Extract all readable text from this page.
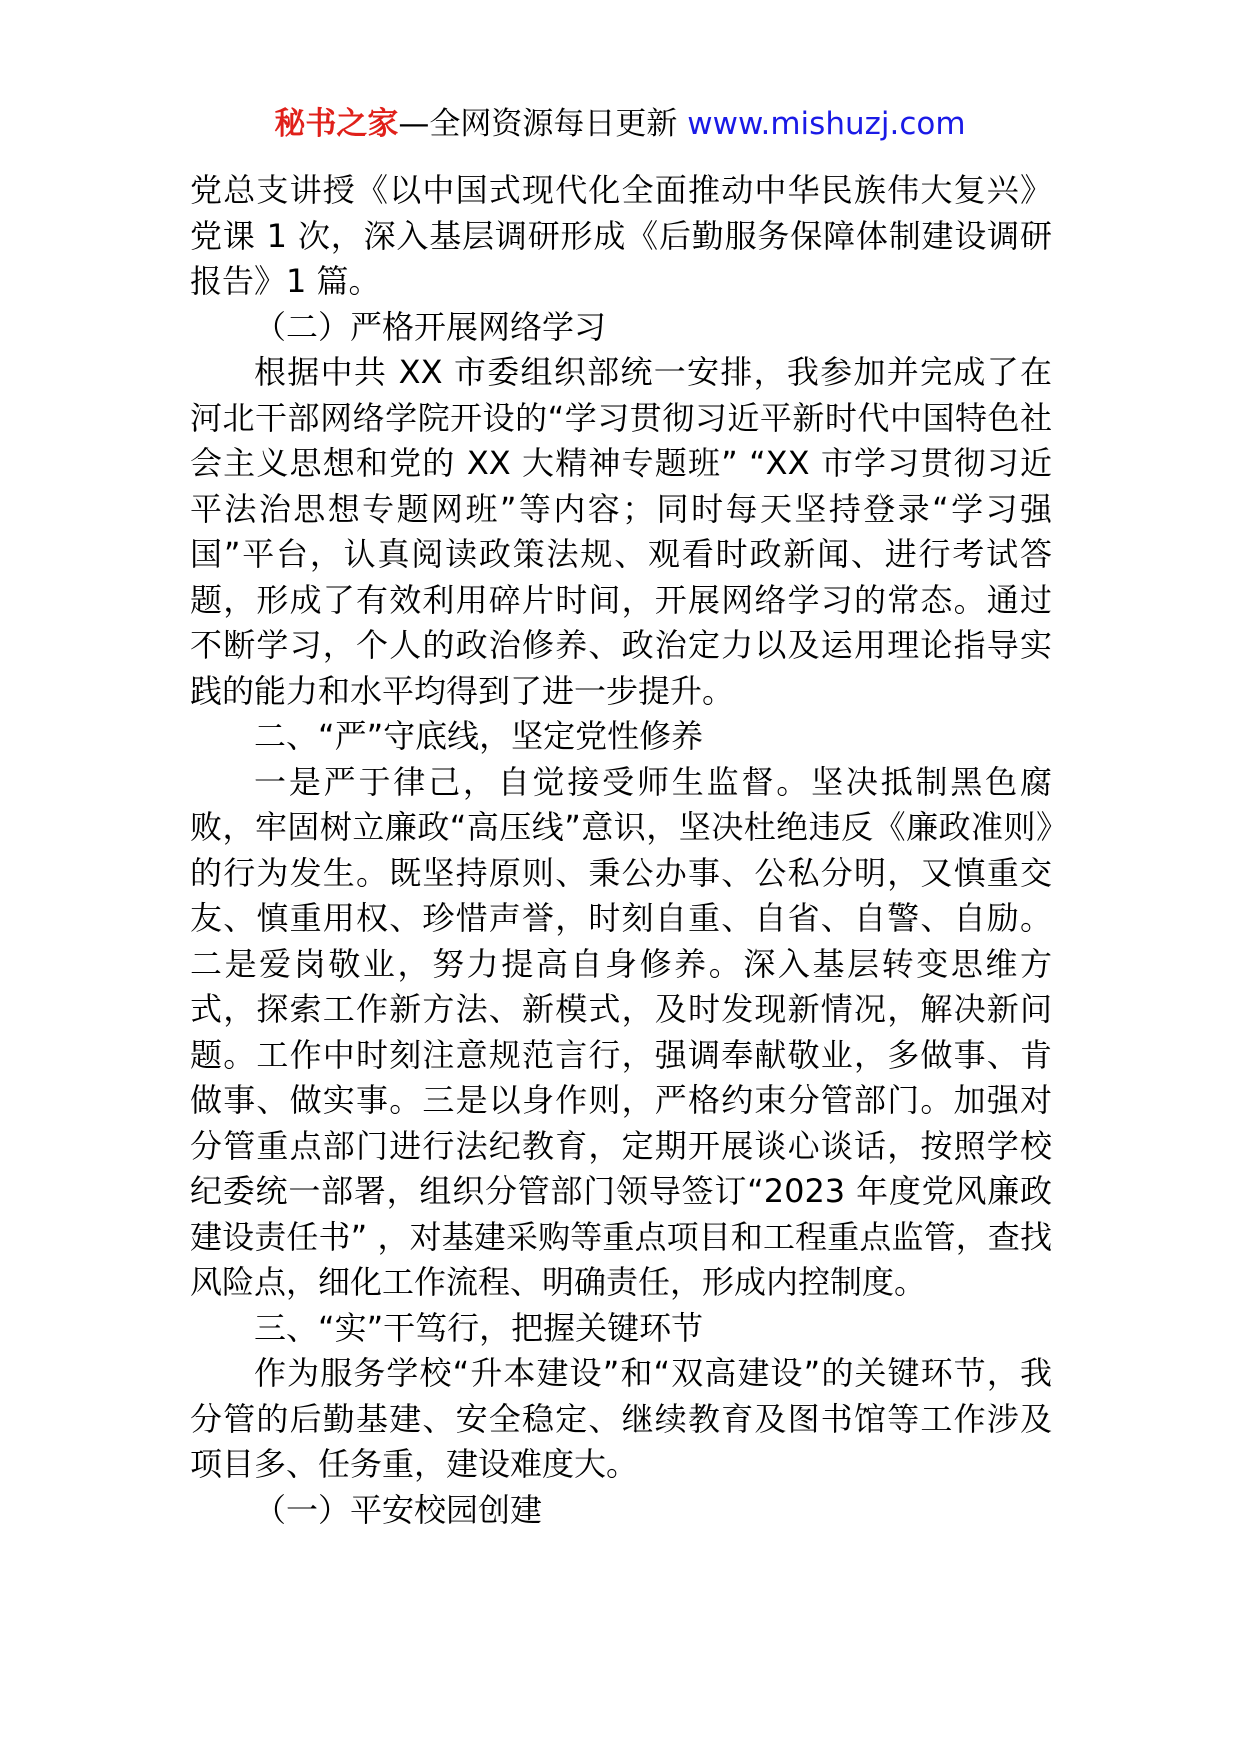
秘书之家—全网资源每日更新 www.mishuzj.com

党总支讲授《以中国式现代化全面推动中华民族伟大复兴》党课 1 次，深入基层调研形成《后勤服务保障体制建设调研报告》1 篇。

（二）严格开展网络学习

根据中共 XX 市委组织部统一安排，我参加并完成了在河北干部网络学院开设的“学习贯彻习近平新时代中国特色社会主义思想和党的 XX 大精神专题班” “XX 市学习贯彻习近平法治思想专题网班”等内容；同时每天坚持登录“学习强国”平台，认真阅读政策法规、观看时政新闻、进行考试答题，形成了有效利用碎片时间，开展网络学习的常态。通过不断学习，个人的政治修养、政治定力以及运用理论指导实践的能力和水平均得到了进一步提升。

二、“严”守底线，坚定党性修养

一是严于律己，自觉接受师生监督。坚决抵制黑色腐败，牢固树立廉政“高压线”意识，坚决杜绝违反《廉政准则》的行为发生。既坚持原则、秉公办事、公私分明，又慎重交友、慎重用权、珍惜声誉，时刻自重、自省、自警、自励。二是爱岗敬业，努力提高自身修养。深入基层转变思维方式，探索工作新方法、新模式，及时发现新情况，解决新问题。工作中时刻注意规范言行，强调奉献敬业，多做事、肯做事、做实事。三是以身作则，严格约束分管部门。加强对分管重点部门进行法纪教育，定期开展谈心谈话，按照学校纪委统一部署，组织分管部门领导签订“2023 年度党风廉政建设责任书” ，对基建采购等重点项目和工程重点监管，查找风险点，细化工作流程、明确责任，形成内控制度。

三、“实”干笃行，把握关键环节

作为服务学校“升本建设”和“双高建设”的关键环节，我分管的后勤基建、安全稳定、继续教育及图书馆等工作涉及项目多、任务重，建设难度大。

（一）平安校园创建
